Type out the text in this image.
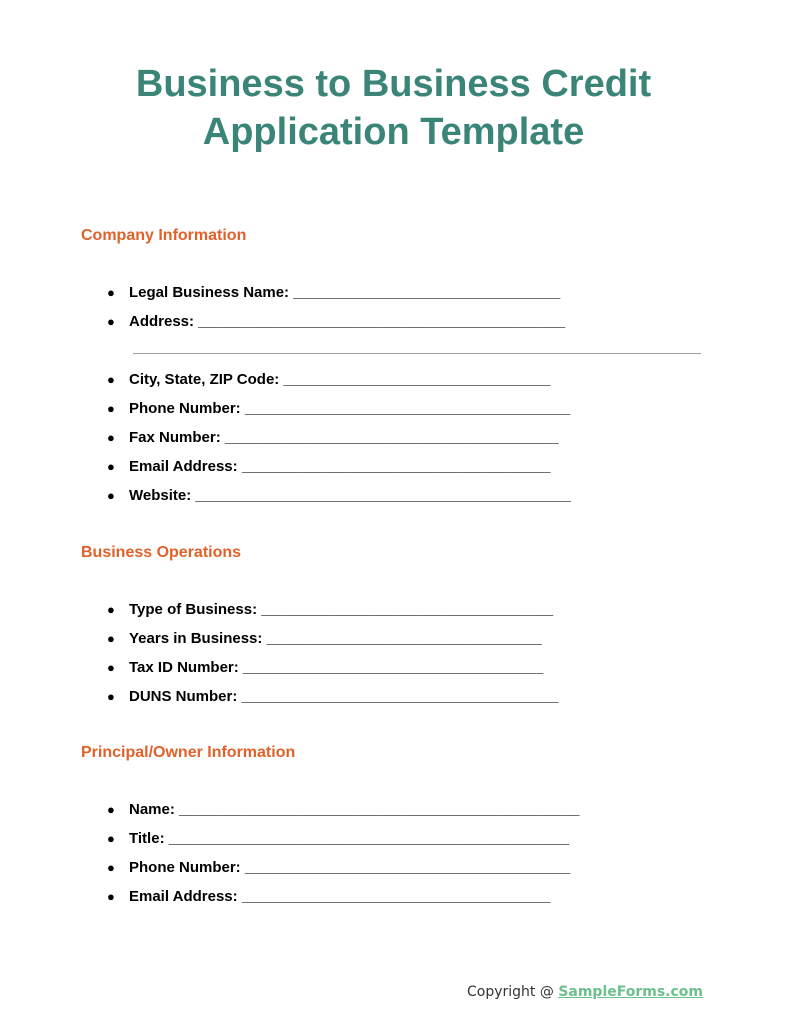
Business to Business Credit
Application Template
Company Information
● Legal Business Name: ________________________________
● Address: ____________________________________________
● City, State, ZIP Code: ________________________________
● Phone Number: _______________________________________
● Fax Number: ________________________________________
● Email Address: _____________________________________
● Website: _____________________________________________
Business Operations
● Type of Business: ___________________________________
● Years in Business: _________________________________
● Tax ID Number: ____________________________________
● DUNS Number: ______________________________________
Principal/Owner Information
● Name: ________________________________________________
● Title: ________________________________________________
● Phone Number: _______________________________________
● Email Address: _____________________________________
Copyright @ SampleForms.com
